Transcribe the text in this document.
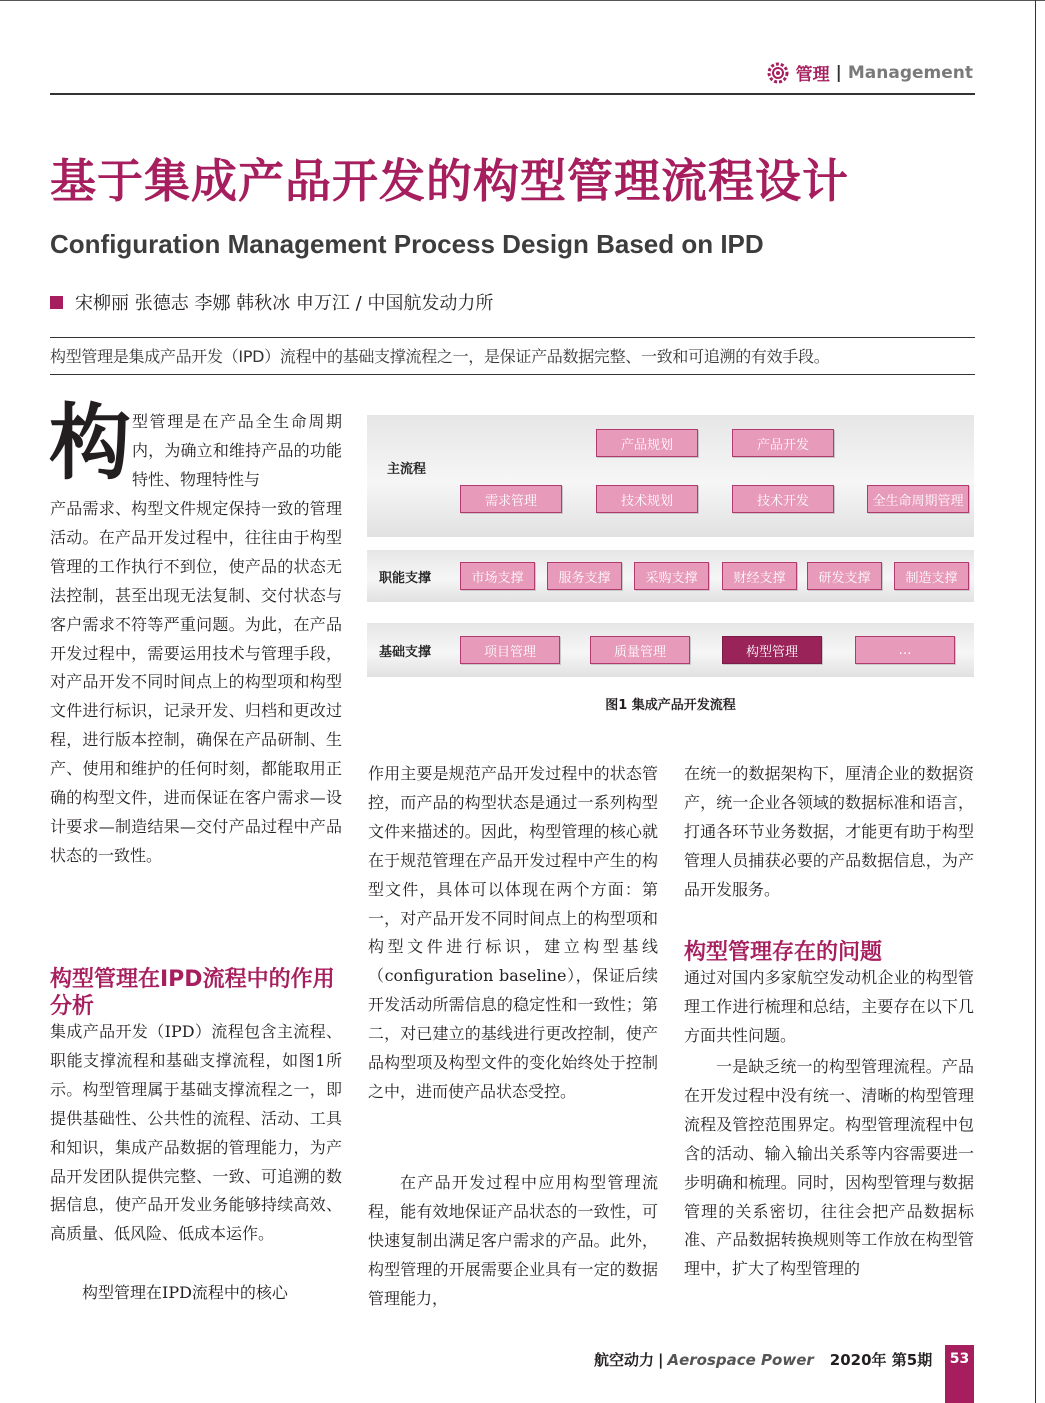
管理 | Management
基于集成产品开发的构型管理流程设计
Configuration Management Process Design Based on IPD
宋柳丽 张德志 李娜 韩秋冰 申万江 / 中国航发动力所

构型管理是集成产品开发（IPD）流程中的基础支撑流程之一，是保证产品数据完整、一致和可追溯的有效手段。

构 型管理是在产品全生命周期内，为确立和维持产品的功能特性、物理特性与

产品需求、构型文件规定保持一致的管理活动。在产品开发过程中，往往由于构型管理的工作执行不到位，使产品的状态无法控制，甚至出现无法复制、交付状态与客户需求不符等严重问题。为此，在产品开发过程中，需要运用技术与管理手段，对产品开发不同时间点上的构型项和构型文件进行标识，记录开发、归档和更改过程，进行版本控制，确保在产品研制、生产、使用和维护的任何时刻，都能取用正确的构型文件，进而保证在客户需求—设计要求—制造结果—交付产品过程中产品状态的一致性。

构型管理在IPD流程中的作用分析

集成产品开发（IPD）流程包含主流程、职能支撑流程和基础支撑流程，如图1所示。构型管理属于基础支撑流程之一，即提供基础性、公共性的流程、活动、工具和知识，集成产品数据的管理能力，为产品开发团队提供完整、一致、可追溯的数据信息，使产品开发业务能够持续高效、高质量、低风险、低成本运作。

构型管理在IPD流程中的核心

主流程
职能支撑
基础支撑
产品规划	产品开发
需求管理	技术规划	技术开发	全生命周期管理
市场支撑	服务支撑	采购支撑	财经支撑	研发支撑	制造支撑
项目管理	质量管理	构型管理	…
图1 集成产品开发流程

作用主要是规范产品开发过程中的状态管控，而产品的构型状态是通过一系列构型文件来描述的。因此，构型管理的核心就在于规范管理在产品开发过程中产生的构型文件，具体可以体现在两个方面：第一，对产品开发不同时间点上的构型项和构型文件进行标识，建立构型基线（configuration baseline），保证后续开发活动所需信息的稳定性和一致性；第二，对已建立的基线进行更改控制，使产品构型项及构型文件的变化始终处于控制之中，进而使产品状态受控。

在产品开发过程中应用构型管理流程，能有效地保证产品状态的一致性，可快速复制出满足客户需求的产品。此外，构型管理的开展需要企业具有一定的数据管理能力，

在统一的数据架构下，厘清企业的数据资产，统一企业各领域的数据标准和语言，打通各环节业务数据，才能更有助于构型管理人员捕获必要的产品数据信息，为产品开发服务。

构型管理存在的问题

通过对国内多家航空发动机企业的构型管理工作进行梳理和总结，主要存在以下几方面共性问题。

一是缺乏统一的构型管理流程。产品在开发过程中没有统一、清晰的构型管理流程及管控范围界定。构型管理流程中包含的活动、输入输出关系等内容需要进一步明确和梳理。同时，因构型管理与数据管理的关系密切，往往会把产品数据标准、产品数据转换规则等工作放在构型管理中，扩大了构型管理的

航空动力 | Aerospace Power 2020年 第5期	53
